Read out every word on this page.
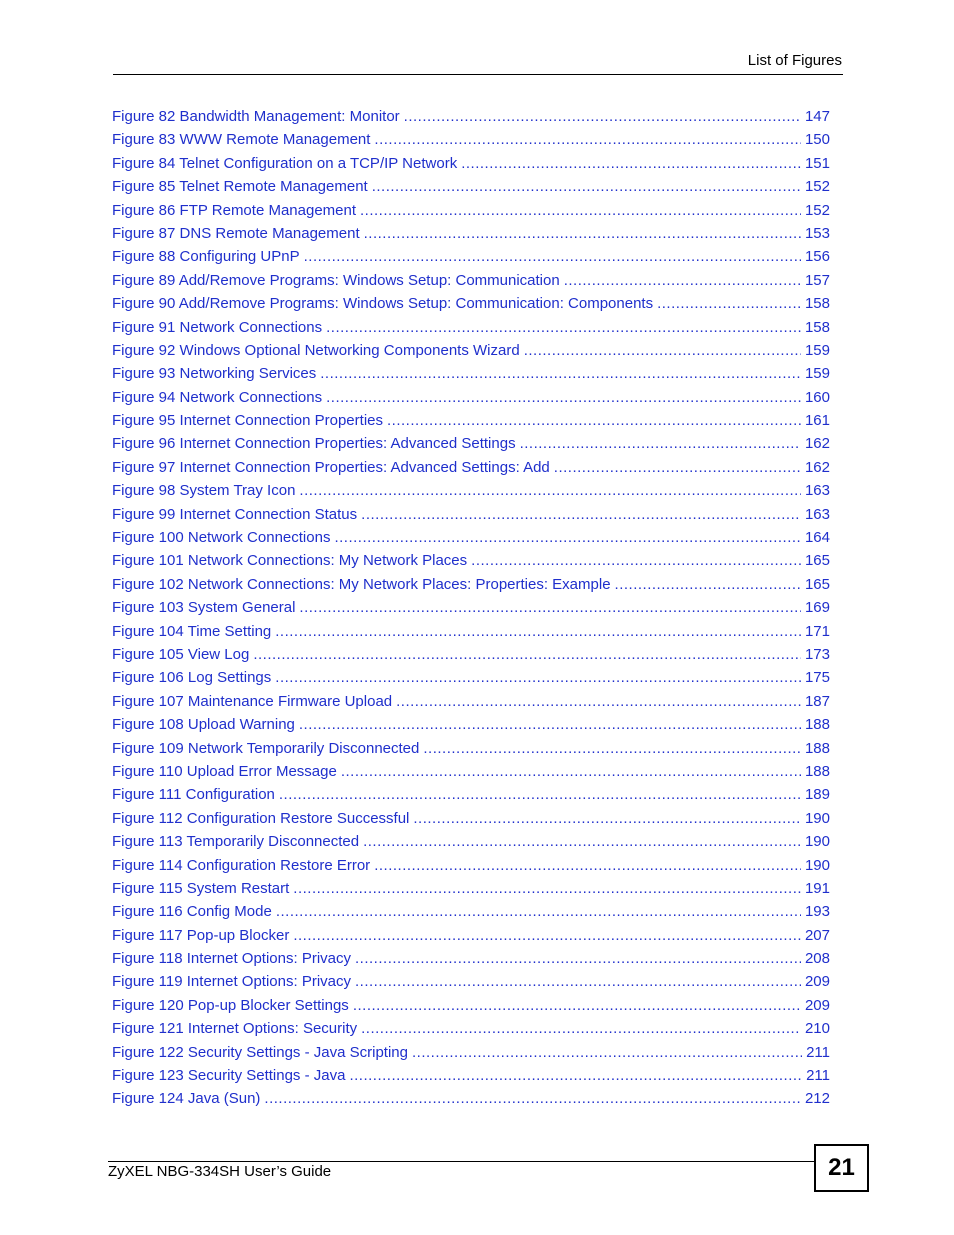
List of Figures
Figure 82 Bandwidth Management: Monitor .....	147
Figure 83 WWW Remote Management .....	150
Figure 84 Telnet Configuration on a TCP/IP Network .....	151
Figure 85 Telnet Remote Management .....	152
Figure 86 FTP Remote Management .....	152
Figure 87 DNS Remote Management .....	153
Figure 88 Configuring UPnP .....	156
Figure 89 Add/Remove Programs: Windows Setup: Communication .....	157
Figure 90 Add/Remove Programs: Windows Setup: Communication: Components .....	158
Figure 91 Network Connections .....	158
Figure 92 Windows Optional Networking Components Wizard .....	159
Figure 93 Networking Services .....	159
Figure 94 Network Connections .....	160
Figure 95 Internet Connection Properties .....	161
Figure 96 Internet Connection Properties: Advanced Settings .....	162
Figure 97 Internet Connection Properties: Advanced Settings: Add .....	162
Figure 98 System Tray Icon .....	163
Figure 99 Internet Connection Status .....	163
Figure 100 Network Connections .....	164
Figure 101 Network Connections: My Network Places .....	165
Figure 102 Network Connections: My Network Places: Properties: Example .....	165
Figure 103 System General .....	169
Figure 104 Time Setting .....	171
Figure 105 View Log .....	173
Figure 106 Log Settings .....	175
Figure 107 Maintenance Firmware Upload .....	187
Figure 108 Upload Warning .....	188
Figure 109 Network Temporarily Disconnected .....	188
Figure 110 Upload Error Message .....	188
Figure 111 Configuration .....	189
Figure 112 Configuration Restore Successful .....	190
Figure 113 Temporarily Disconnected .....	190
Figure 114 Configuration Restore Error .....	190
Figure 115 System Restart .....	191
Figure 116 Config Mode .....	193
Figure 117 Pop-up Blocker .....	207
Figure 118 Internet Options: Privacy .....	208
Figure 119 Internet Options: Privacy .....	209
Figure 120 Pop-up Blocker Settings .....	209
Figure 121 Internet Options: Security .....	210
Figure 122 Security Settings - Java Scripting .....	211
Figure 123 Security Settings - Java .....	211
Figure 124 Java (Sun) .....	212
ZyXEL NBG-334SH User’s Guide	21
